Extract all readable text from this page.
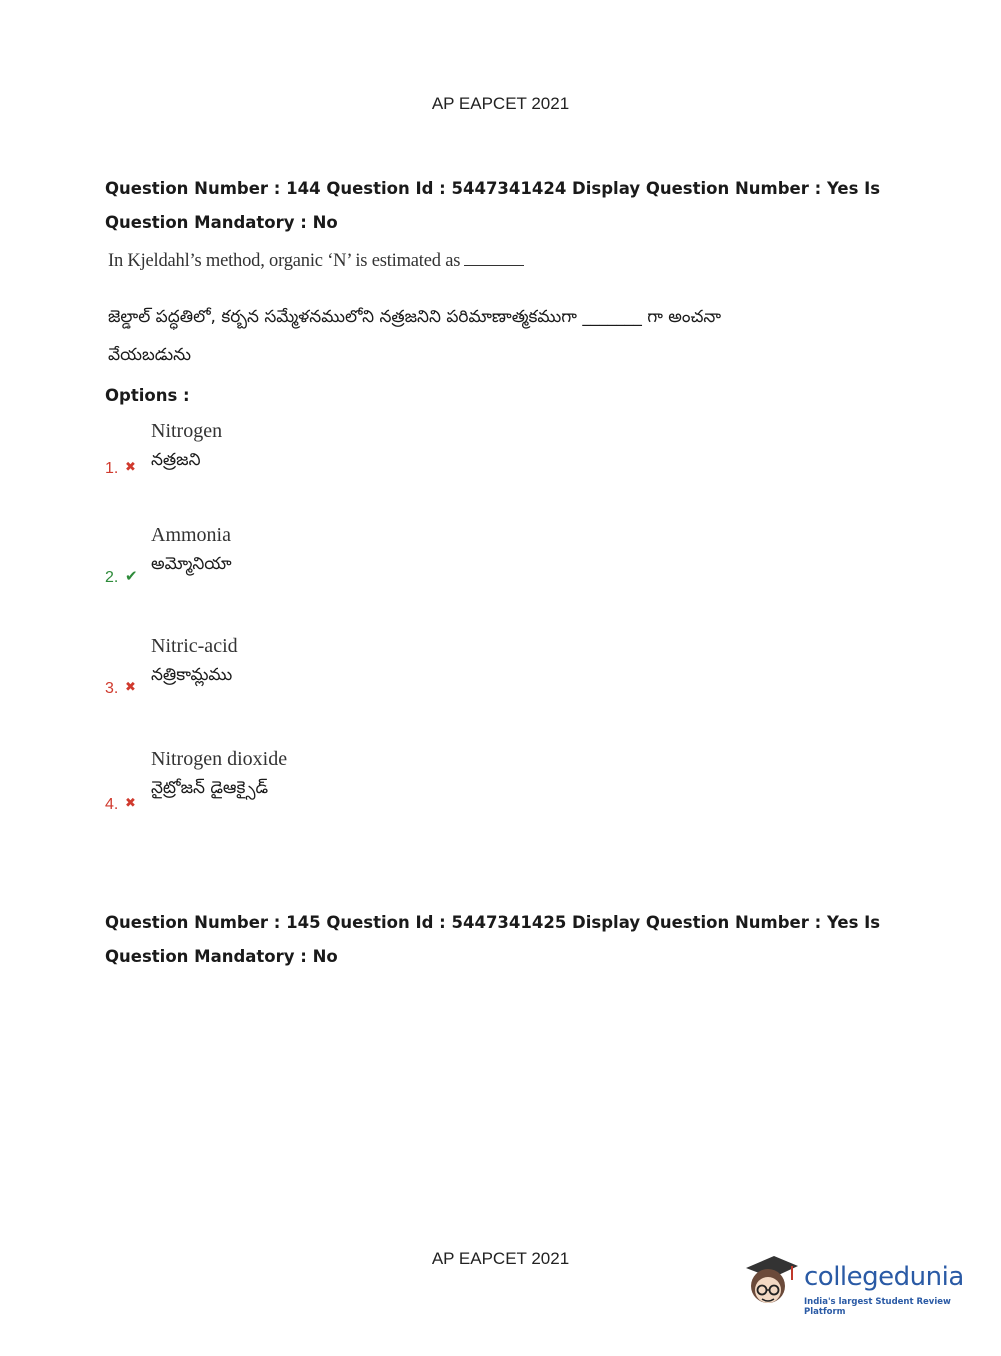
AP EAPCET 2021
Question Number : 144 Question Id : 5447341424 Display Question Number : Yes Is Question Mandatory : No
In Kjeldahl’s method, organic ‘N’ is estimated as
జెల్డాల్ పద్ధతిలో, కర్బన సమ్మేళనములోని నత్రజనిని పరిమాణాత్మకముగా _______ గా అంచనా వేయబడును
Options :
Nitrogen
నత్రజని
1. ✖
Ammonia
అమ్మోనియా
2. ✔
Nitric-acid
నత్రికామ్లము
3. ✖
Nitrogen dioxide
నైట్రోజన్ డైఆక్సైడ్
4. ✖
Question Number : 145 Question Id : 5447341425 Display Question Number : Yes Is Question Mandatory : No
AP EAPCET 2021
collegedunia
India's largest Student Review Platform
